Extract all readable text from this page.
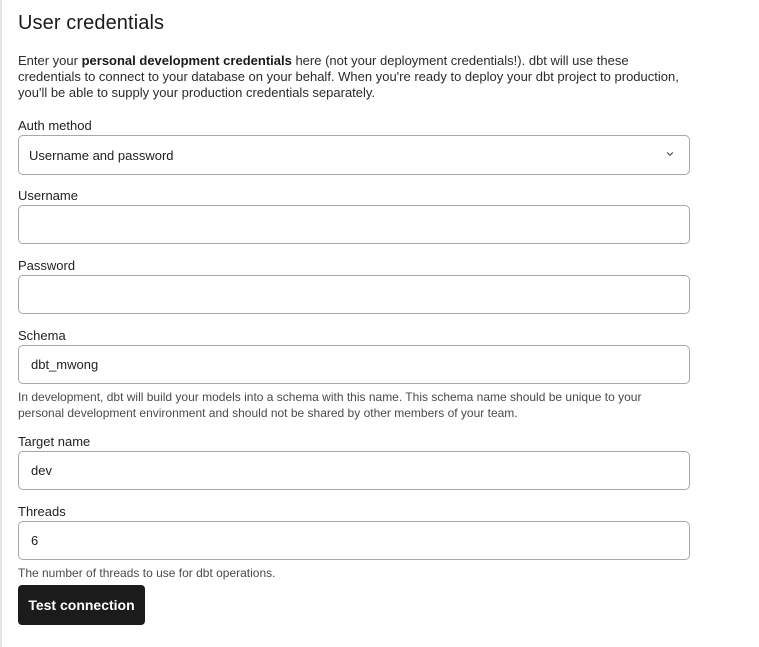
User credentials

Enter your personal development credentials here (not your deployment credentials!). dbt will use these credentials to connect to your database on your behalf. When you're ready to deploy your dbt project to production, you'll be able to supply your production credentials separately.

Auth method
Username and password
Username
Password
Schema
dbt_mwong
In development, dbt will build your models into a schema with this name. This schema name should be unique to your personal development environment and should not be shared by other members of your team.
Target name
dev
Threads
6
The number of threads to use for dbt operations.
Test connection
